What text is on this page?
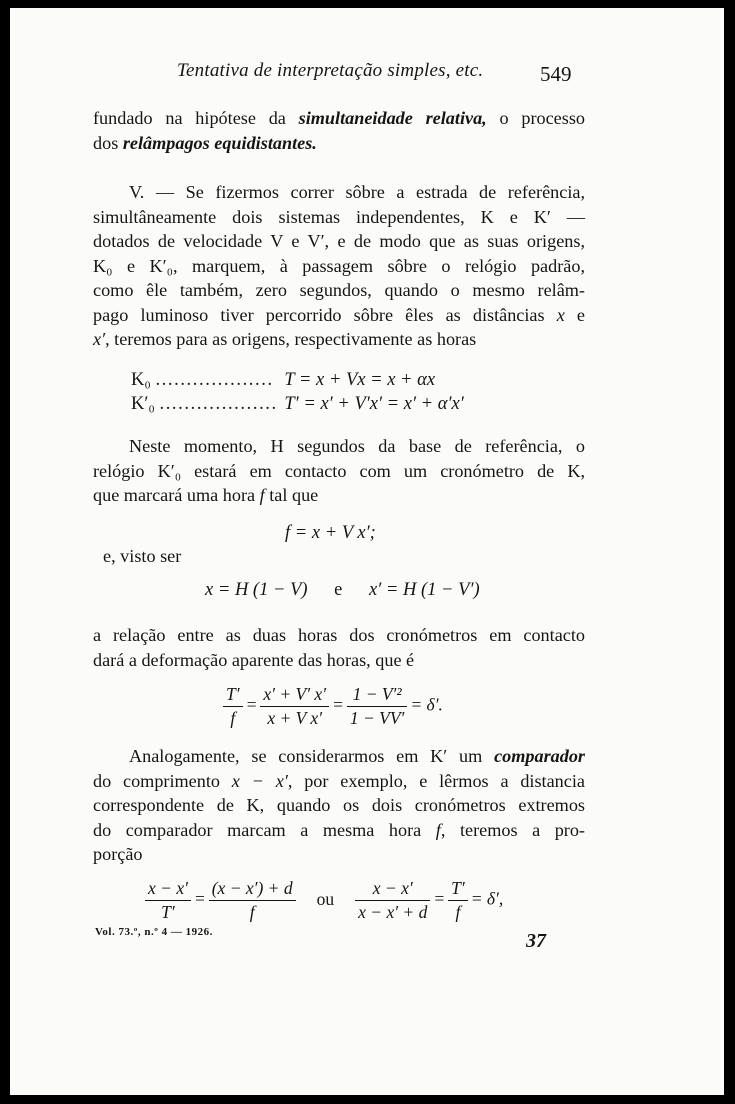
Tentativa de interpretação simples, etc.	549
fundado na hipótese da simultaneidade relativa, o processo
dos relâmpagos equidistantes.
V. — Se fizermos correr sôbre a estrada de referência,
simultâneamente dois sistemas independentes, K e K′ —
dotados de velocidade V e V′, e de modo que as suas origens,
K₀ e K′₀, marquem, à passagem sôbre o relógio padrão,
como êle também, zero segundos, quando o mesmo relâm-
pago luminoso tiver percorrido sôbre êles as distâncias x e
x′, teremos para as origens, respectivamente as horas
K₀ ................... T = x + Vx = x + αx
K′₀ ................... T′ = x′ + V′x′ = x′ + α′x′
Neste momento, H segundos da base de referência, o
relógio K′₀ estará em contacto com um cronómetro de K,
que marcará uma hora f tal que
f = x + V x′;
e, visto ser
x = H (1 − V) e x′ = H (1 − V′)
a relação entre as duas horas dos cronómetros em contacto
dará a deformação aparente das horas, que é
$\frac{T'}{f} = \frac{x' + V' x'}{\text{x + V x′}} = \frac{\text{1 − V′²}}{1 - VV'} = \delta'$.
Analogamente, se considerarmos em K′ um comparador
do comprimento x − x′, por exemplo, e lêrmos a distancia
correspondente de K, quando os dois cronómetros extremos
do comparador marcam a mesma hora f, teremos a pro-
porção
$\frac{x - x'}{T'} = \frac{(x - x') + d}{f}$ ou $\frac{x - x'}{x - x' + d} = \frac{T'}{f} = \delta'$,
Vol. 73.º, n.º 4 — 1926.	37
